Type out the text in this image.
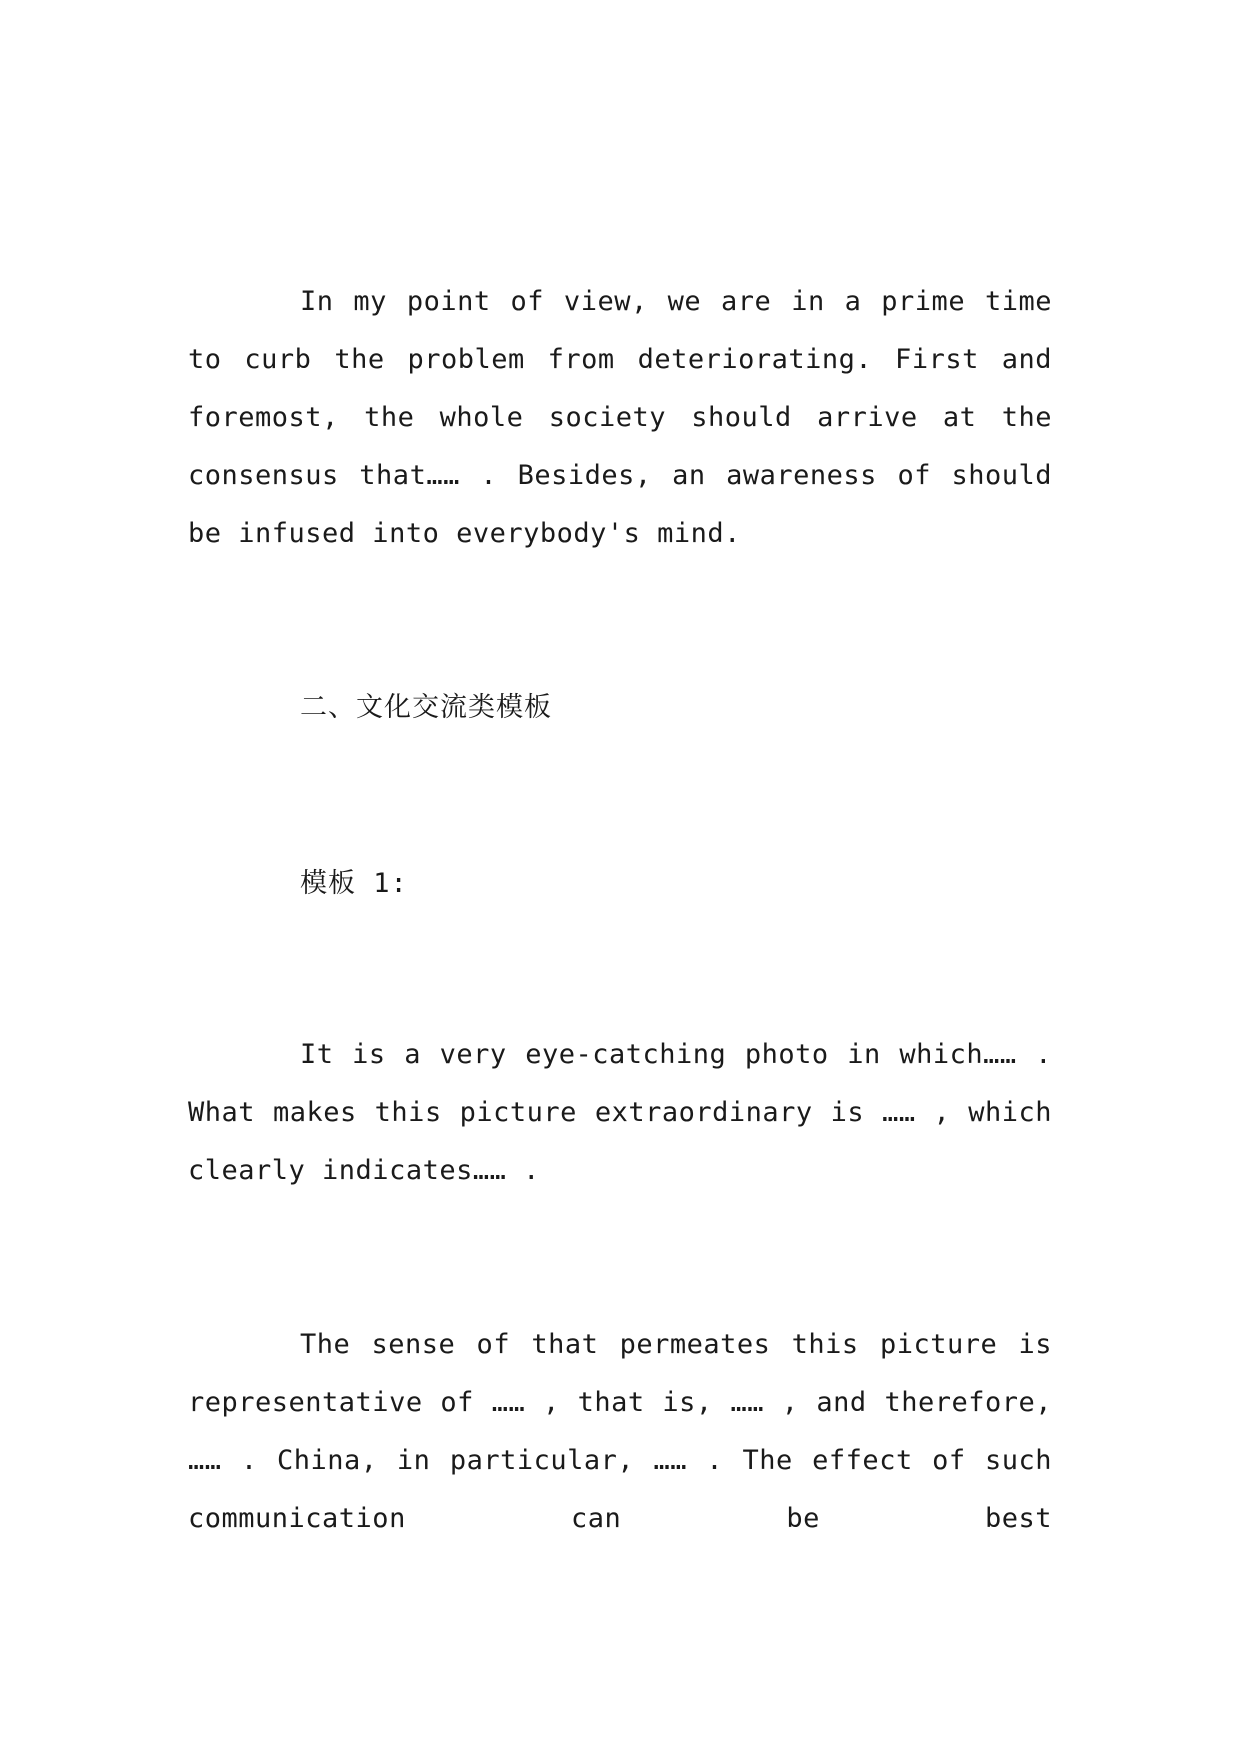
In my point of view, we are in a prime time to curb the problem from deteriorating. First and foremost, the whole society should arrive at the consensus that…… . Besides, an awareness of should be infused into everybody's mind.

二、文化交流类模板

模板 1:

It is a very eye-catching photo in which…… . What makes this picture extraordinary is …… , which clearly indicates…… .

The sense of that permeates this picture is representative of …… , that is, …… , and therefore, …… . China, in particular, …… . The effect of such communication can be best
